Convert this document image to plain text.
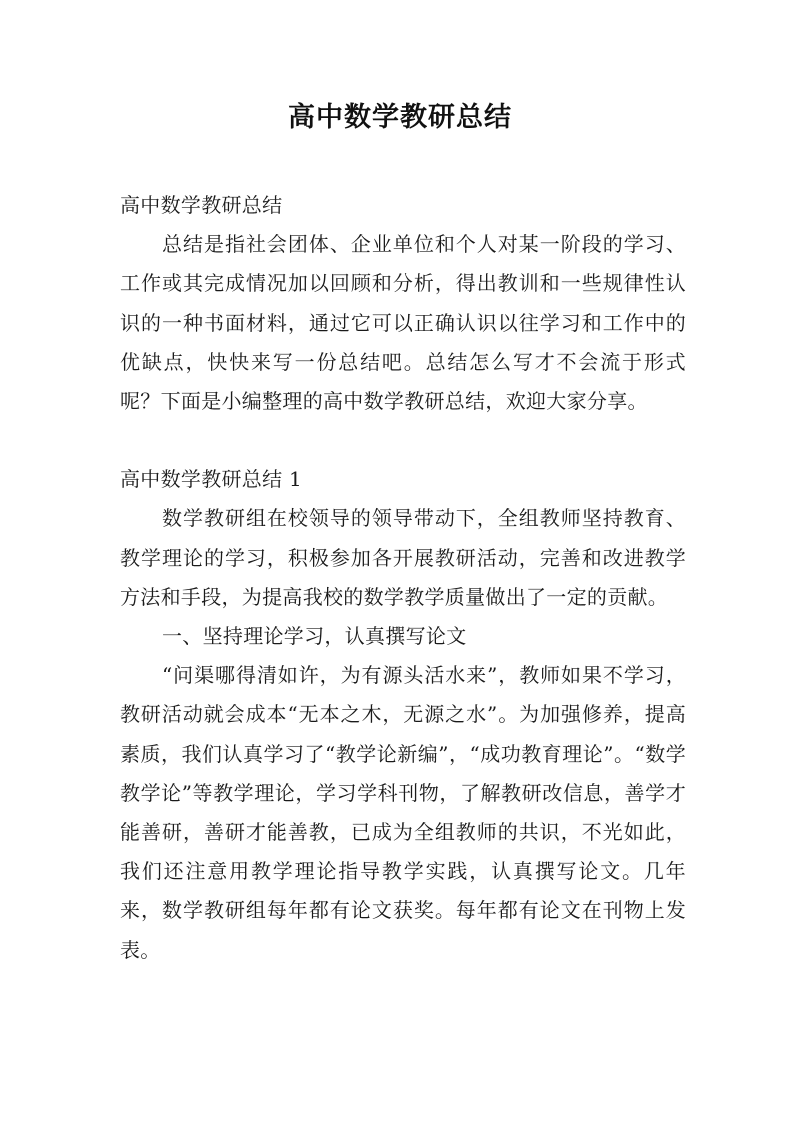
高中数学教研总结

高中数学教研总结

总结是指社会团体、企业单位和个人对某一阶段的学习、工作或其完成情况加以回顾和分析，得出教训和一些规律性认识的一种书面材料，通过它可以正确认识以往学习和工作中的优缺点，快快来写一份总结吧。总结怎么写才不会流于形式呢？下面是小编整理的高中数学教研总结，欢迎大家分享。

高中数学教研总结 1

数学教研组在校领导的领导带动下，全组教师坚持教育、教学理论的学习，积极参加各开展教研活动，完善和改进教学方法和手段，为提高我校的数学教学质量做出了一定的贡献。

一、坚持理论学习，认真撰写论文

“问渠哪得清如许，为有源头活水来”，教师如果不学习，教研活动就会成本“无本之木，无源之水”。为加强修养，提高素质，我们认真学习了“教学论新编”，“成功教育理论”。“数学教学论”等教学理论，学习学科刊物，了解教研改信息，善学才能善研，善研才能善教，已成为全组教师的共识，不光如此，我们还注意用教学理论指导教学实践，认真撰写论文。几年来，数学教研组每年都有论文获奖。每年都有论文在刊物上发表。
